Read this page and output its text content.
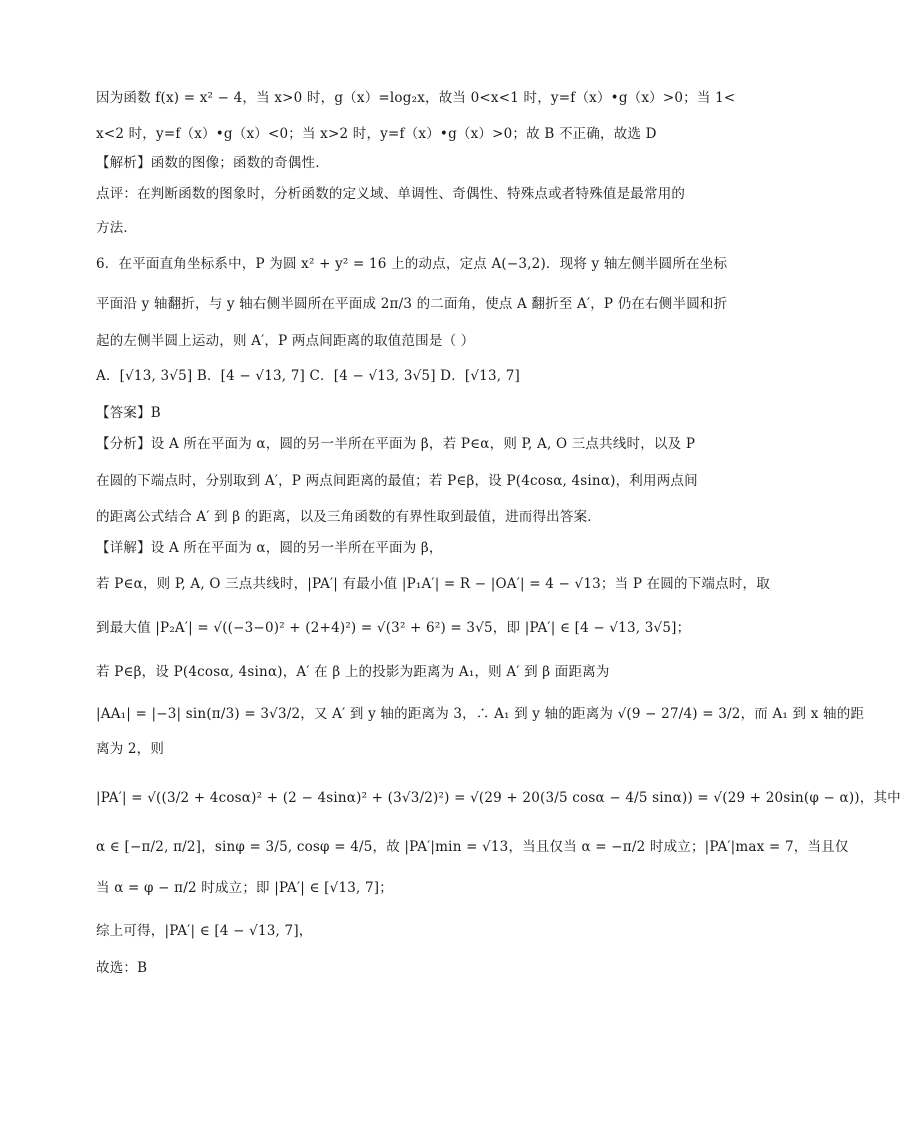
因为函数 f(x) = x² − 4，当 x>0 时，g（x）=log₂x，故当 0<x<1 时，y=f（x）•g（x）>0；当 1<
x<2 时，y=f（x）•g（x）<0；当 x>2 时，y=f（x）•g（x）>0；故 B 不正确，故选 D
【解析】函数的图像；函数的奇偶性．
点评：在判断函数的图象时，分析函数的定义域、单调性、奇偶性、特殊点或者特殊值是最常用的
方法．
6．在平面直角坐标系中，P 为圆 x² + y² = 16 上的动点，定点 A(−3,2)．现将 y 轴左侧半圆所在坐标
平面沿 y 轴翻折，与 y 轴右侧半圆所在平面成 2π/3 的二面角，使点 A 翻折至 A′，P 仍在右侧半圆和折
起的左侧半圆上运动，则 A′，P 两点间距离的取值范围是（ ）
A．[√13, 3√5] B．[4 − √13, 7] C．[4 − √13, 3√5] D．[√13, 7]
【答案】B
【分析】设 A 所在平面为 α，圆的另一半所在平面为 β，若 P∈α，则 P, A, O 三点共线时，以及 P
在圆的下端点时，分别取到 A′，P 两点间距离的最值；若 P∈β，设 P(4cosα, 4sinα)，利用两点间
的距离公式结合 A′ 到 β 的距离，以及三角函数的有界性取到最值，进而得出答案．
【详解】设 A 所在平面为 α，圆的另一半所在平面为 β，
若 P∈α，则 P, A, O 三点共线时，|PA′| 有最小值 |P₁A′| = R − |OA′| = 4 − √13；当 P 在圆的下端点时，取
到最大值 |P₂A′| = √((−3−0)² + (2+4)²) = √(3² + 6²) = 3√5，即 |PA′| ∈ [4 − √13, 3√5]；
若 P∈β，设 P(4cosα, 4sinα)，A′ 在 β 上的投影为距离为 A₁，则 A′ 到 β 面距离为
|AA₁| = |−3| sin(π/3) = 3√3/2，又 A′ 到 y 轴的距离为 3，∴ A₁ 到 y 轴的距离为 √(9 − 27/4) = 3/2，而 A₁ 到 x 轴的距
离为 2，则
|PA′| = √((3/2 + 4cosα)² + (2 − 4sinα)² + (3√3/2)²) = √(29 + 20(3/5 cosα − 4/5 sinα)) = √(29 + 20sin(φ − α))，其中
α ∈ [−π/2, π/2]，sinφ = 3/5, cosφ = 4/5，故 |PA′|min = √13，当且仅当 α = −π/2 时成立；|PA′|max = 7，当且仅
当 α = φ − π/2 时成立；即 |PA′| ∈ [√13, 7]；
综上可得，|PA′| ∈ [4 − √13, 7]，
故选：B
